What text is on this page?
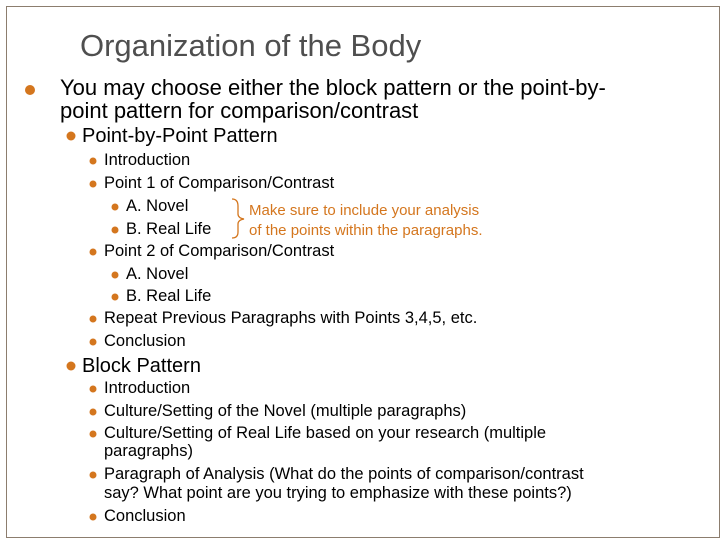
Organization of the Body
You may choose either the block pattern or the point-by-
point pattern for comparison/contrast
Point-by-Point Pattern
Introduction
Point 1 of Comparison/Contrast
A. Novel
B. Real Life
Point 2 of Comparison/Contrast
A. Novel
B. Real Life
Repeat Previous Paragraphs with Points 3,4,5, etc.
Conclusion
Make sure to include your analysis of the points within the paragraphs.
Block Pattern
Introduction
Culture/Setting of the Novel (multiple paragraphs)
Culture/Setting of Real Life based on your research (multiple
paragraphs)
Paragraph of Analysis (What do the points of comparison/contrast
say? What point are you trying to emphasize with these points?)
Conclusion
